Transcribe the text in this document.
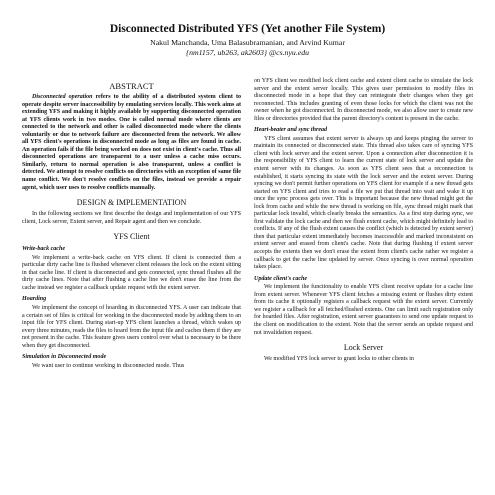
Disconnected Distributed YFS (Yet another File System)
Nakul Manchanda, Uma Balasubramanian, and Arvind Kumar
{nm1157, ub263, ak2603} @cs.nyu.edu
ABSTRACT

Disconnected operation refers to the ability of a distributed system client to operate despite server inaccessibility by emulating services locally. This work aims at extending YFS and making it highly available by supporting disconnected operation at YFS clients work in two modes. One is called normal mode where clients are connected to the network and other is called disconnected mode where the clients voluntarily or due to network failure are disconnected from the network. We allow all YFS client's operations in disconnected mode as long as files are found in cache. An operation fails if the file being worked on does not exist in client's cache. Thus all disconnected operations are transparent to a user unless a cache miss occurs. Similarly, return to normal operation is also transparent, unless a conflict is detected. We attempt to resolve conflicts on directories with an exception of same file name conflict. We don't resolve conflicts on the files, instead we provide a repair agent, which user uses to resolve conflicts manually.

DESIGN & IMPLEMENTATION

In the following sections we first describe the design and implementation of our YFS client, Lock server, Extent server, and Repair agent and then we conclude.

YFS Client
Write-back cache

We implement a write-back cache on YFS client. If client is connected then a particular dirty cache line is flushed whenever client releases the lock on the extent sitting in that cache line. If client is disconnected and gets connected, sync thread flushes all the dirty cache lines. Note that after flushing a cache line we don't erase the line from the cache instead we register a callback update request with the extent server.

Hoarding

We implement the concept of hoarding in disconnected YFS. A user can indicate that a certain set of files is critical for working in the disconnected mode by adding them to an input file for YFS client. During start-up YFS client launches a thread, which wakes up every three minutes, reads the files to hoard from the input file and caches them if they are not present in the cache. This feature gives users control over what is necessary to be there when they get disconnected.

Simulation in Disconnected mode

We want user to continue working in disconnected mode. Thus

on YFS client we modified lock client cache and extent client cache to simulate the lock server and the extent server locally. This gives user permission to modify files in disconnected mode in a hope that they can reintegrate their changes when they get reconnected. This includes granting of even those locks for which the client was not the owner when he got disconnected. In disconnected mode, we also allow user to create new files or directories provided that the parent directory's content is present in the cache.

Heart-beater and sync thread

YFS client assumes that extent server is always up and keeps pinging the server to maintain its connected or disconnected state. This thread also takes care of syncing YFS client with lock server and the extent server. Upon a connection after disconnection it is the responsibility of YFS client to learn the current state of lock server and update the extent server with its changes. As soon as YFS client sees that a reconnection is established, it starts syncing its state with the lock server and the extent server. During syncing we don't permit further operations on YFS client for example if a new thread gets started on YFS client and tries to read a file we put that thread into wait and wake it up once the sync process gets over. This is important because the new thread might get the lock from cache and while the new thread is working on file, sync thread might mark that particular lock invalid, which clearly breaks the semantics. As a first step during sync, we first validate the lock cache and then we flush extent cache, which might definitely lead to conflicts. If any of the flush extent causes the conflict (which is detected by extent server) then that particular extent immediately becomes inaccessible and marked inconsistent on extent server and erased from client's cache. Note that during flushing if extent server accepts the extents then we don't erase the extent from client's cache rather we register a callback to get the cache line updated by server. Once syncing is over normal operation takes place.

Update client's cache

We implement the functionality to enable YFS client receive update for a cache line from extent server. Whenever YFS client fetches a missing extent or flushes dirty extent from its cache it optionally registers a callback request with the extent server. Currently we register a callback for all fetched/flushed extents. One can limit such registration only for hoarded files. After registration, extent server guarantees to send one update request to the client on modification to the extent. Note that the server sends an update request and not invalidation request.

Lock Server

We modified YFS lock server to grant locks to other clients in
